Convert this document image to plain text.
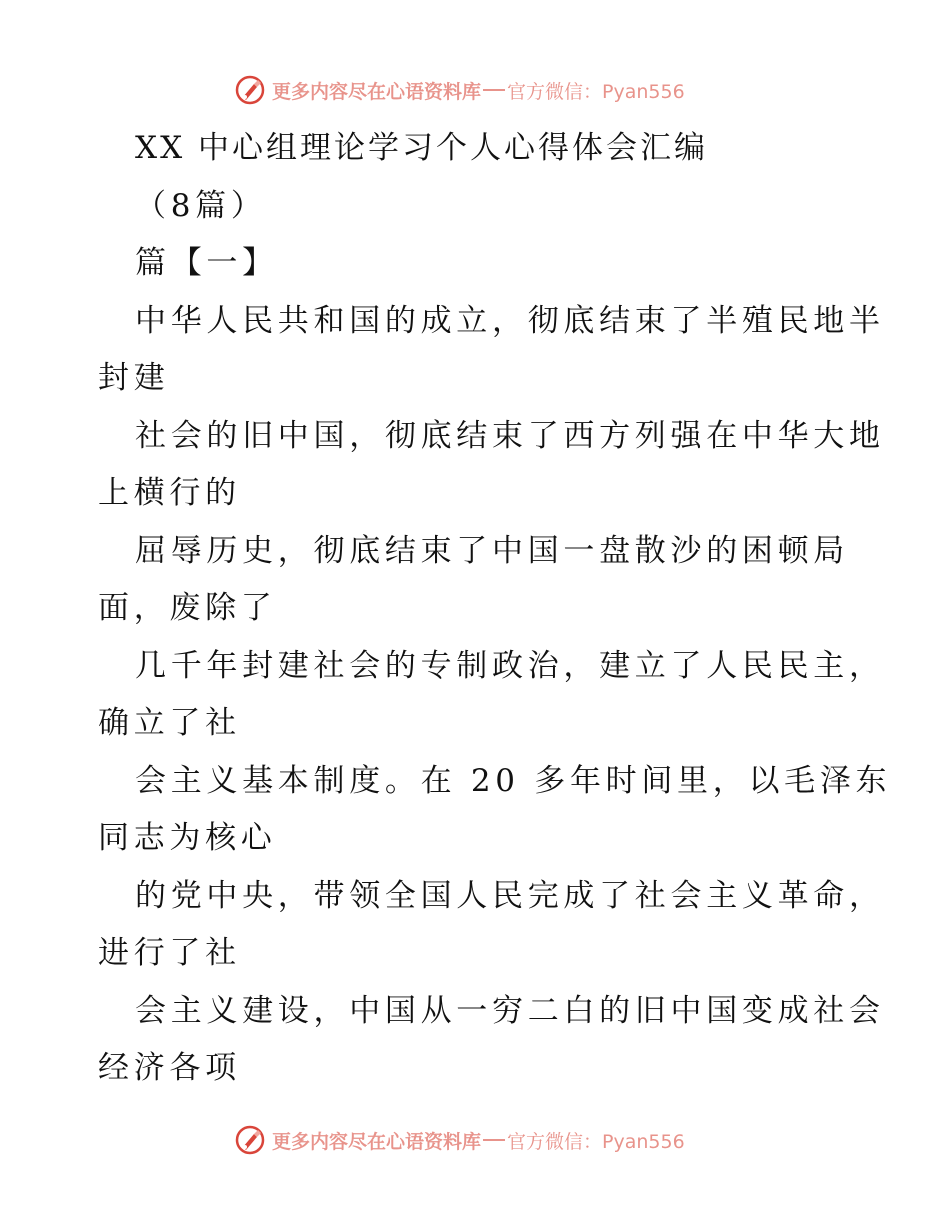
更多内容尽在心语资料库 官方微信：Pyan556
XX 中心组理论学习个人心得体会汇编
（8篇）
篇【一】
中华人民共和国的成立，彻底结束了半殖民地半
封建
社会的旧中国，彻底结束了西方列强在中华大地
上横行的
屈辱历史，彻底结束了中国一盘散沙的困顿局
面，废除了
几千年封建社会的专制政治，建立了人民民主，
确立了社
会主义基本制度。在 20 多年时间里，以毛泽东
同志为核心
的党中央，带领全国人民完成了社会主义革命，
进行了社
会主义建设，中国从一穷二白的旧中国变成社会
经济各项
更多内容尽在心语资料库 官方微信：Pyan556
